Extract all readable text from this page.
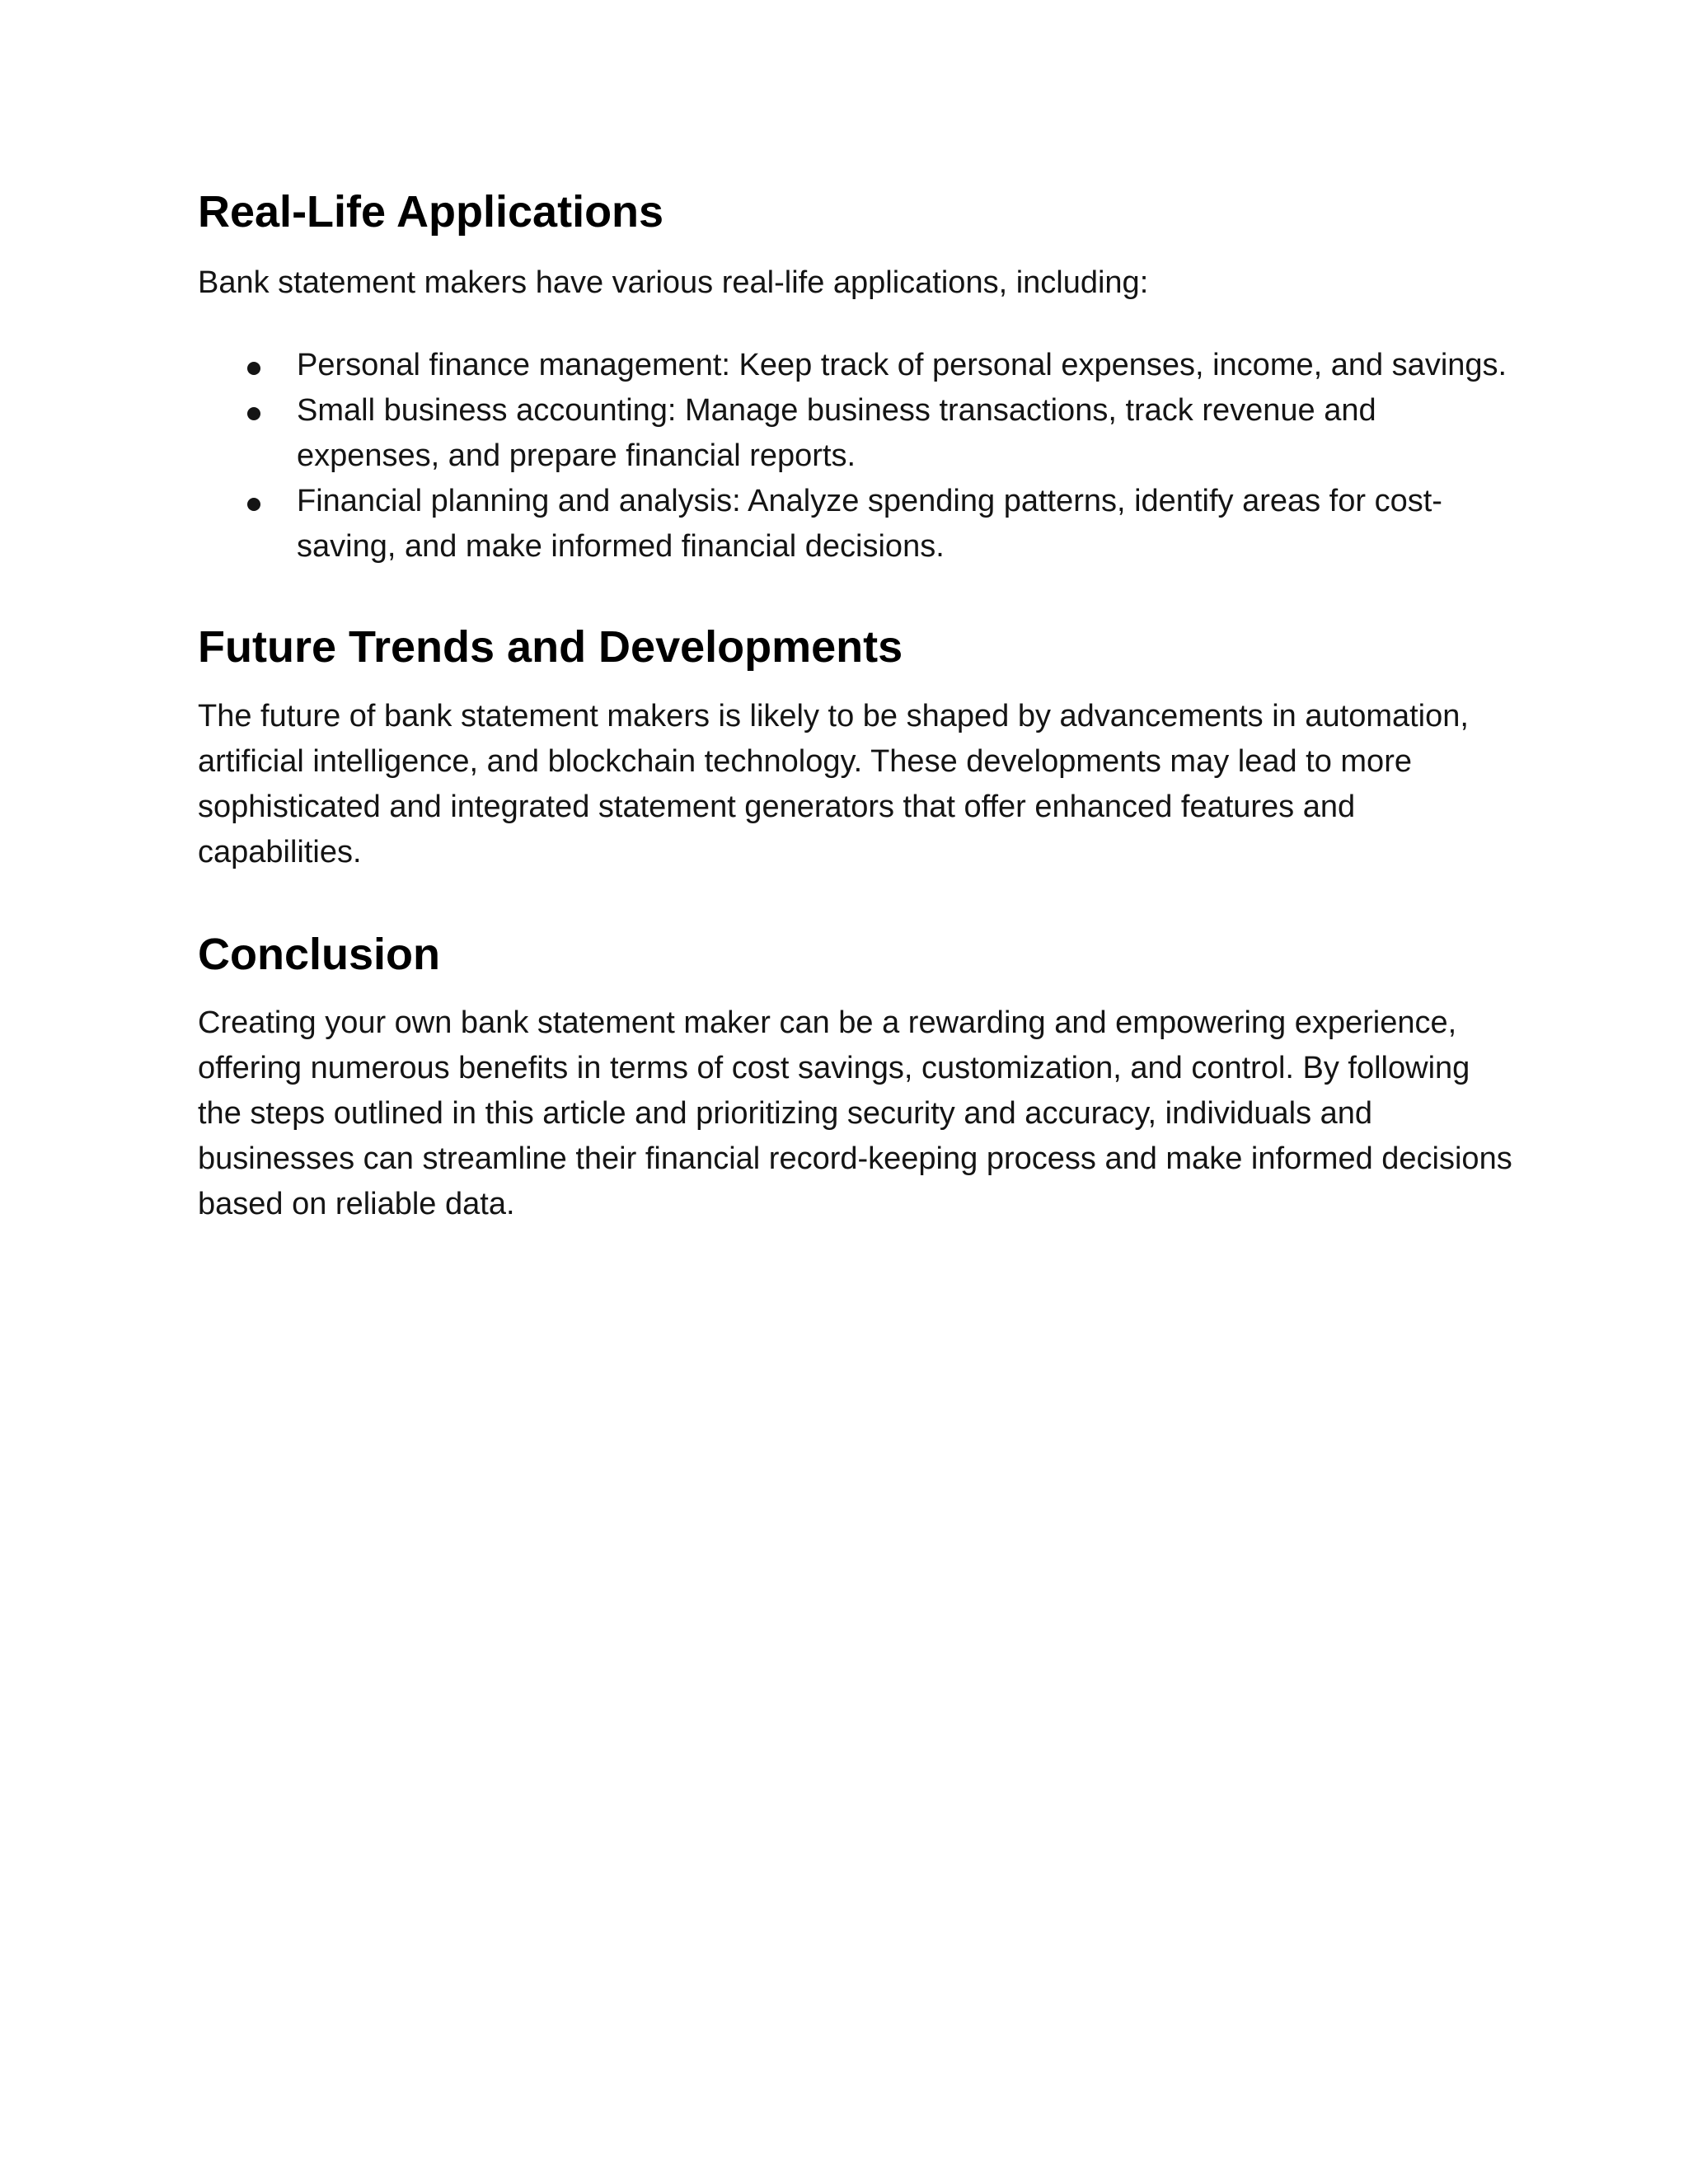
Real-Life Applications

Bank statement makers have various real-life applications, including:

Personal finance management: Keep track of personal expenses, income, and savings.
Small business accounting: Manage business transactions, track revenue and expenses, and prepare financial reports.
Financial planning and analysis: Analyze spending patterns, identify areas for cost-saving, and make informed financial decisions.
Future Trends and Developments

The future of bank statement makers is likely to be shaped by advancements in automation, artificial intelligence, and blockchain technology. These developments may lead to more sophisticated and integrated statement generators that offer enhanced features and capabilities.

Conclusion

Creating your own bank statement maker can be a rewarding and empowering experience, offering numerous benefits in terms of cost savings, customization, and control. By following the steps outlined in this article and prioritizing security and accuracy, individuals and businesses can streamline their financial record-keeping process and make informed decisions based on reliable data.
